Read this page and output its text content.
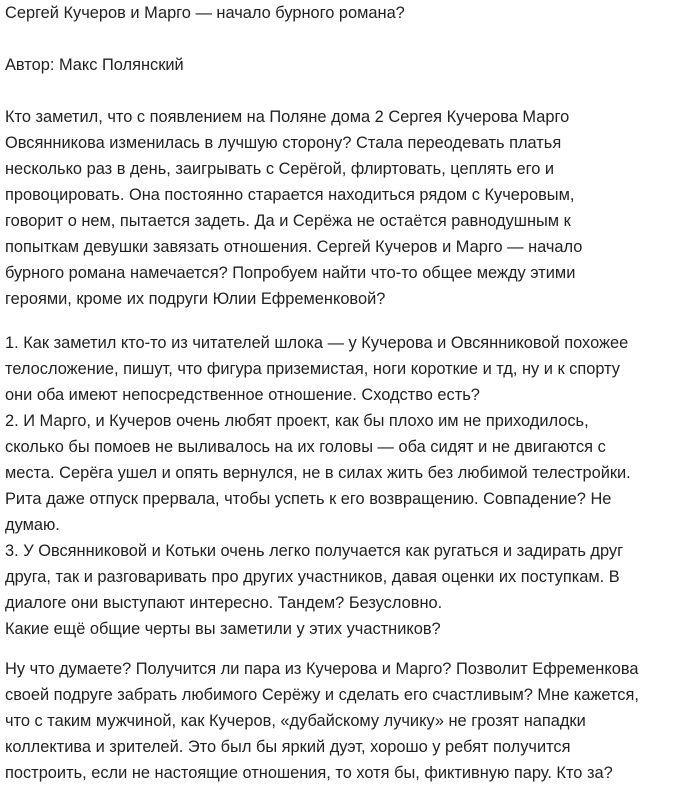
Сергей Кучеров и Марго — начало бурного романа?

Автор: Макс Полянский

Кто заметил, что с появлением на Поляне дома 2 Сергея Кучерова Марго
Овсянникова изменилась в лучшую сторону? Стала переодевать платья
несколько раз в день, заигрывать с Серёгой, флиртовать, цеплять его и
провоцировать. Она постоянно старается находиться рядом с Кучеровым,
говорит о нем, пытается задеть. Да и Серёжа не остаётся равнодушным к
попыткам девушки завязать отношения. Сергей Кучеров и Марго — начало
бурного романа намечается? Попробуем найти что-то общее между этими
героями, кроме их подруги Юлии Ефременковой?
1. Как заметил кто-то из читателей шлока — у Кучерова и Овсянниковой похожее
телосложение, пишут, что фигура приземистая, ноги короткие и тд, ну и к спорту
они оба имеют непосредственное отношение. Сходство есть?
2. И Марго, и Кучеров очень любят проект, как бы плохо им не приходилось,
сколько бы помоев не выливалось на их головы — оба сидят и не двигаются с
места. Серёга ушел и опять вернулся, не в силах жить без любимой телестройки.
Рита даже отпуск прервала, чтобы успеть к его возвращению. Совпадение? Не
думаю.
3. У Овсянниковой и Котьки очень легко получается как ругаться и задирать друг
друга, так и разговаривать про других участников, давая оценки их поступкам. В
диалоге они выступают интересно. Тандем? Безусловно.
Какие ещё общие черты вы заметили у этих участников?
Ну что думаете? Получится ли пара из Кучерова и Марго? Позволит Ефременкова
своей подруге забрать любимого Серёжу и сделать его счастливым? Мне кажется,
что с таким мужчиной, как Кучеров, «дубайскому лучику» не грозят нападки
коллектива и зрителей. Это был бы яркий дуэт, хорошо у ребят получится
построить, если не настоящие отношения, то хотя бы, фиктивную пару. Кто за?
